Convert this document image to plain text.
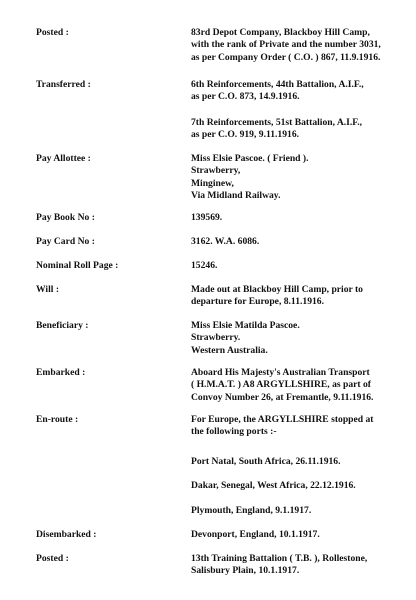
Posted :	83rd Depot Company, Blackboy Hill Camp,
with the rank of Private and the number 3031,
as per Company Order ( C.O. ) 867, 11.9.1916.
Transferred :	6th Reinforcements, 44th Battalion, A.I.F.,
as per C.O. 873, 14.9.1916.
7th Reinforcements, 51st Battalion, A.I.F.,
as per C.O. 919, 9.11.1916.
Pay Allottee :	Miss Elsie Pascoe. ( Friend ).
Strawberry,
Minginew,
Via Midland Railway.
Pay Book No :	139569.
Pay Card No :	3162. W.A. 6086.
Nominal Roll Page :	15246.
Will :	Made out at Blackboy Hill Camp, prior to
departure for Europe, 8.11.1916.
Beneficiary :	Miss Elsie Matilda Pascoe.
Strawberry.
Western Australia.
Embarked :	Aboard His Majesty's Australian Transport
( H.M.A.T. ) A8 ARGYLLSHIRE, as part of
Convoy Number 26, at Fremantle, 9.11.1916.
En-route :	For Europe, the ARGYLLSHIRE stopped at
the following ports :-
Port Natal, South Africa, 26.11.1916.
Dakar, Senegal, West Africa, 22.12.1916.
Plymouth, England, 9.1.1917.
Disembarked :	Devonport, England, 10.1.1917.
Posted :	13th Training Battalion ( T.B. ), Rollestone,
Salisbury Plain, 10.1.1917.
